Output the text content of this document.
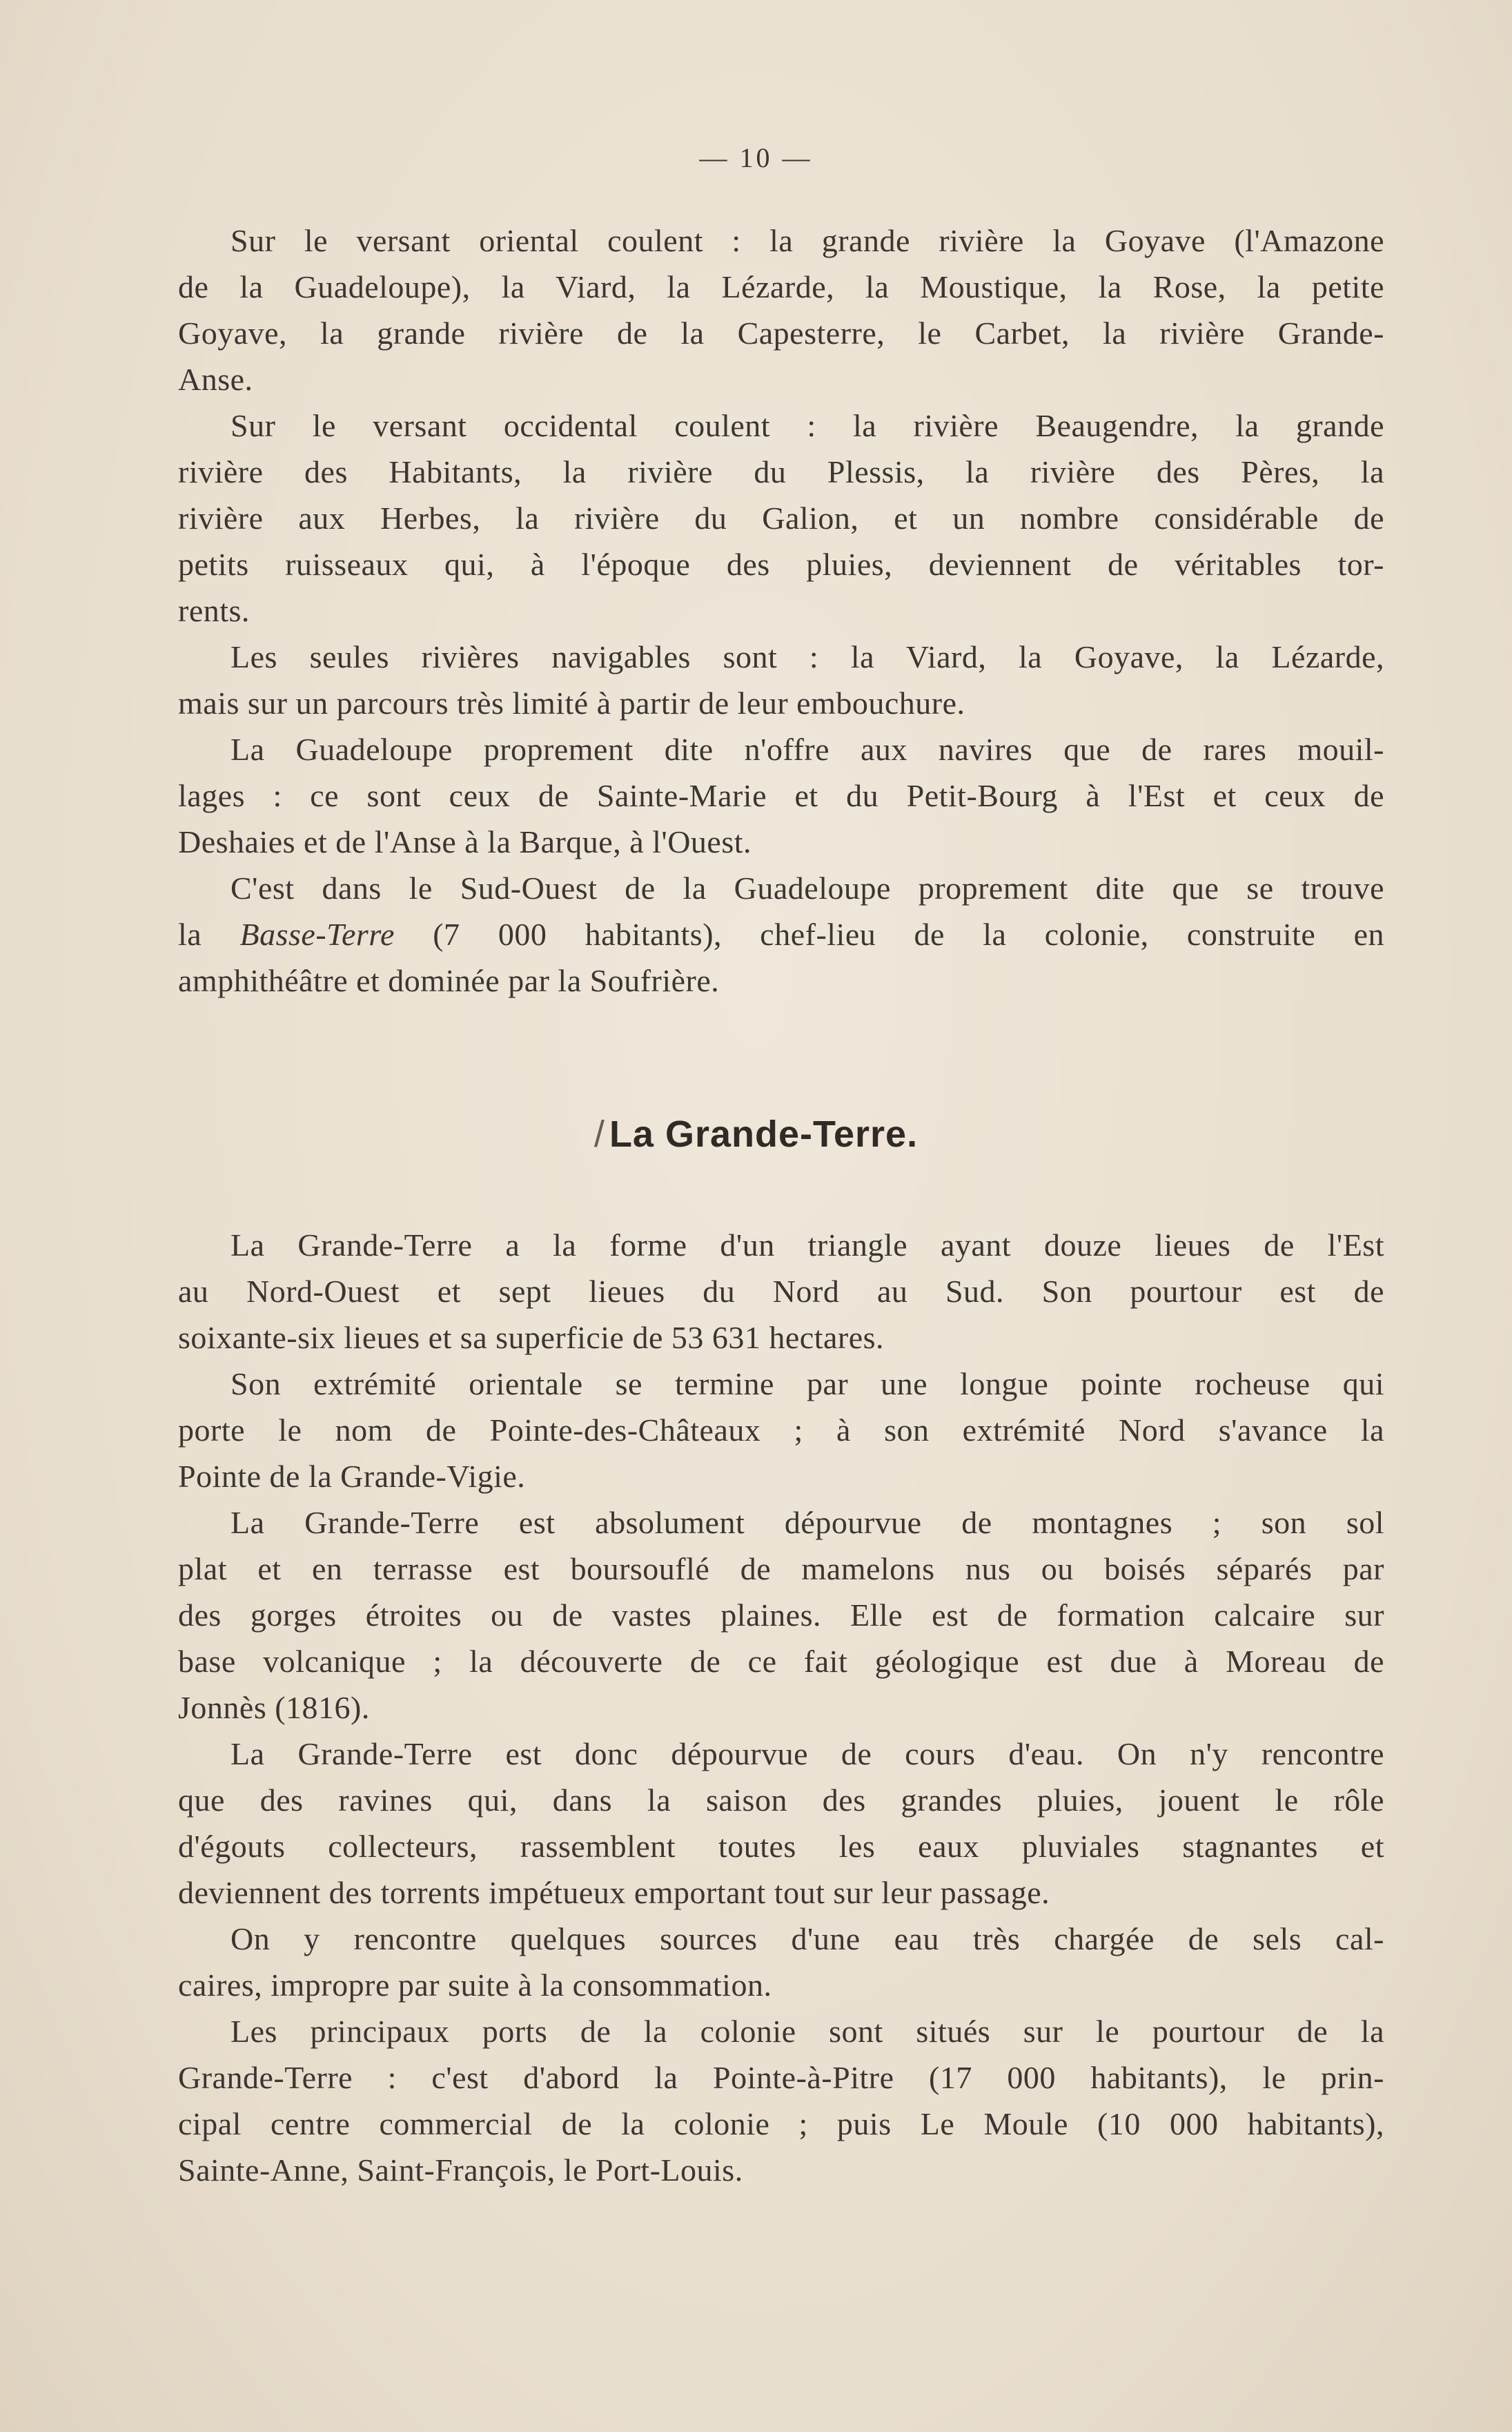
— 10 —
Sur le versant oriental coulent : la grande rivière la Goyave (l'Amazone
de la Guadeloupe), la Viard, la Lézarde, la Moustique, la Rose, la petite
Goyave, la grande rivière de la Capesterre, le Carbet, la rivière Grande-
Anse.
Sur le versant occidental coulent : la rivière Beaugendre, la grande
rivière des Habitants, la rivière du Plessis, la rivière des Pères, la
rivière aux Herbes, la rivière du Galion, et un nombre considérable de
petits ruisseaux qui, à l'époque des pluies, deviennent de véritables tor-
rents.
Les seules rivières navigables sont : la Viard, la Goyave, la Lézarde,
mais sur un parcours très limité à partir de leur embouchure.
La Guadeloupe proprement dite n'offre aux navires que de rares mouil-
lages : ce sont ceux de Sainte-Marie et du Petit-Bourg à l'Est et ceux de
Deshaies et de l'Anse à la Barque, à l'Ouest.
C'est dans le Sud-Ouest de la Guadeloupe proprement dite que se trouve
la Basse-Terre (7 000 habitants), chef-lieu de la colonie, construite en
amphithéâtre et dominée par la Soufrière.
/ La Grande-Terre.
La Grande-Terre a la forme d'un triangle ayant douze lieues de l'Est
au Nord-Ouest et sept lieues du Nord au Sud. Son pourtour est de
soixante-six lieues et sa superficie de 53 631 hectares.
Son extrémité orientale se termine par une longue pointe rocheuse qui
porte le nom de Pointe-des-Châteaux ; à son extrémité Nord s'avance la
Pointe de la Grande-Vigie.
La Grande-Terre est absolument dépourvue de montagnes ; son sol
plat et en terrasse est boursouflé de mamelons nus ou boisés séparés par
des gorges étroites ou de vastes plaines. Elle est de formation calcaire sur
base volcanique ; la découverte de ce fait géologique est due à Moreau de
Jonnès (1816).
La Grande-Terre est donc dépourvue de cours d'eau. On n'y rencontre
que des ravines qui, dans la saison des grandes pluies, jouent le rôle
d'égouts collecteurs, rassemblent toutes les eaux pluviales stagnantes et
deviennent des torrents impétueux emportant tout sur leur passage.
On y rencontre quelques sources d'une eau très chargée de sels cal-
caires, impropre par suite à la consommation.
Les principaux ports de la colonie sont situés sur le pourtour de la
Grande-Terre : c'est d'abord la Pointe-à-Pitre (17 000 habitants), le prin-
cipal centre commercial de la colonie ; puis Le Moule (10 000 habitants),
Sainte-Anne, Saint-François, le Port-Louis.
